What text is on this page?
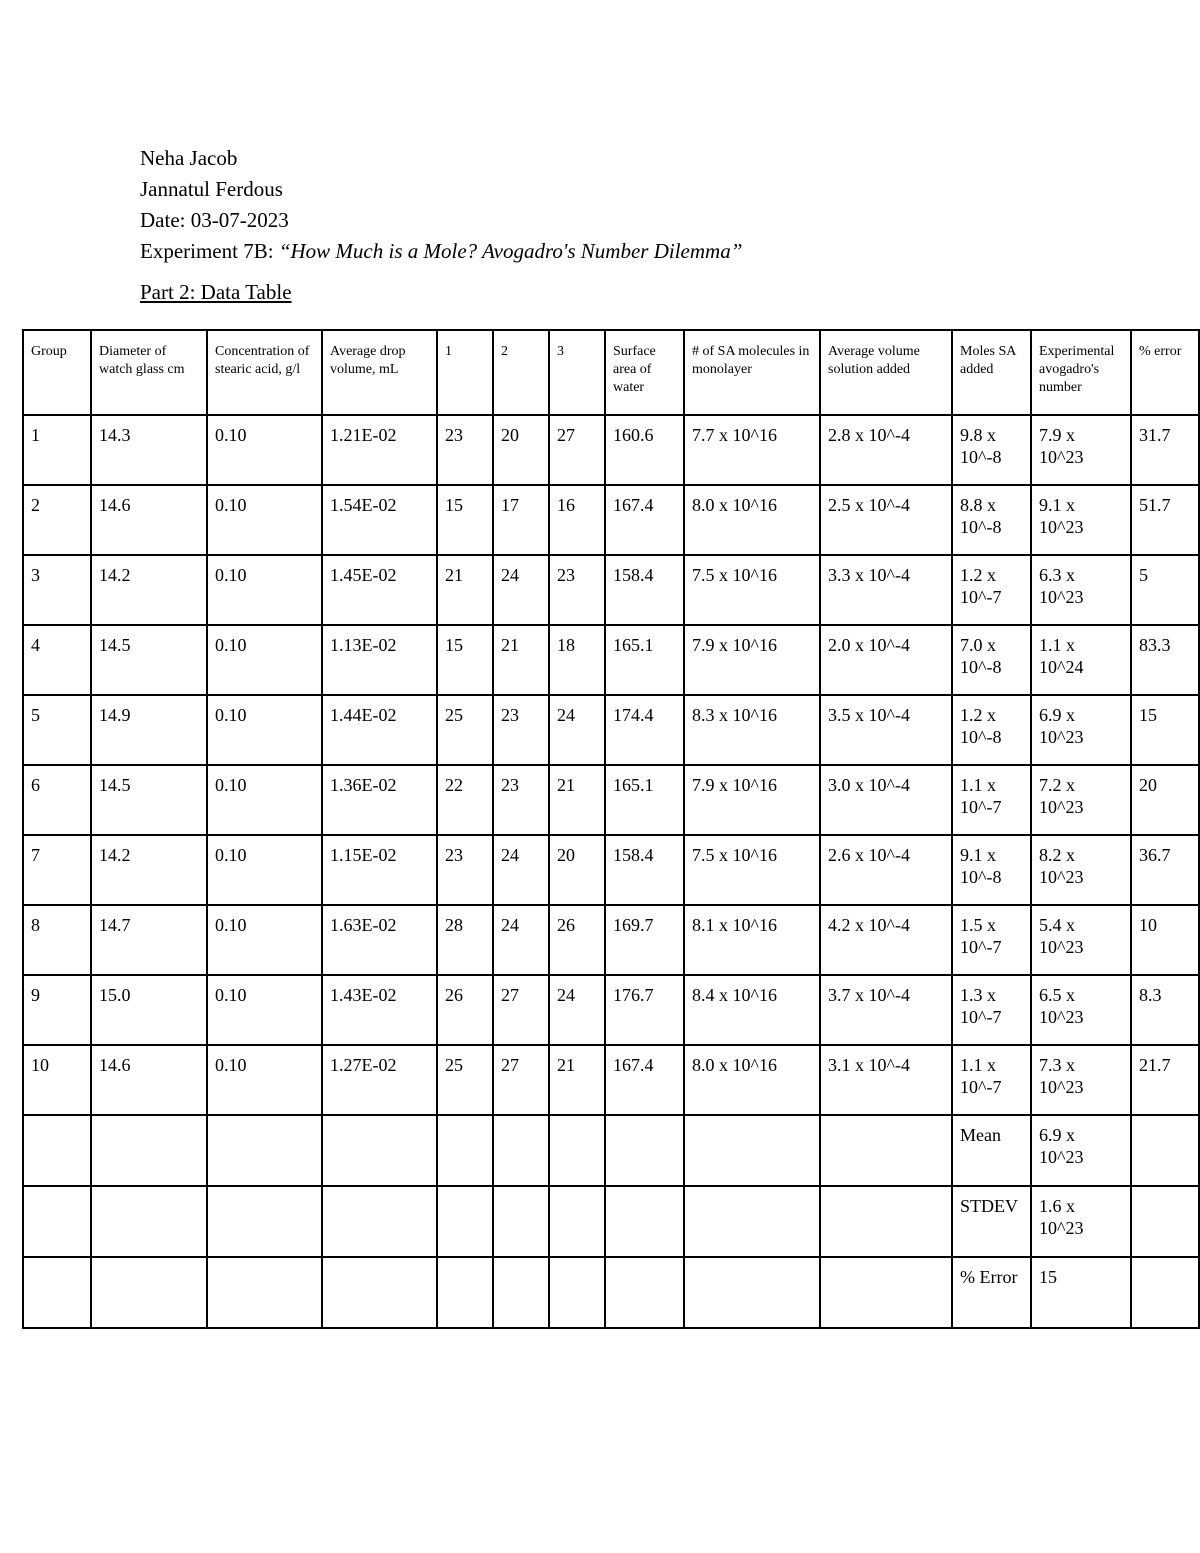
Neha Jacob
Jannatul Ferdous
Date: 03-07-2023
Experiment 7B: “How Much is a Mole? Avogadro's Number Dilemma”
Part 2: Data Table
Group	Diameter of watch glass cm	Concentration of stearic acid, g/l	Average drop volume, mL	1	2	3	Surface area of water	# of SA molecules in monolayer	Average volume solution added	Moles SA added	Experimental avogadro's number	% error
1	14.3	0.10	1.21E-02	23	20	27	160.6	7.7 x 10^16	2.8 x 10^-4	9.8 x 10^-8	7.9 x 10^23	31.7
2	14.6	0.10	1.54E-02	15	17	16	167.4	8.0 x 10^16	2.5 x 10^-4	8.8 x 10^-8	9.1 x 10^23	51.7
3	14.2	0.10	1.45E-02	21	24	23	158.4	7.5 x 10^16	3.3 x 10^-4	1.2 x 10^-7	6.3 x 10^23	5
4	14.5	0.10	1.13E-02	15	21	18	165.1	7.9 x 10^16	2.0 x 10^-4	7.0 x 10^-8	1.1 x 10^24	83.3
5	14.9	0.10	1.44E-02	25	23	24	174.4	8.3 x 10^16	3.5 x 10^-4	1.2 x 10^-8	6.9 x 10^23	15
6	14.5	0.10	1.36E-02	22	23	21	165.1	7.9 x 10^16	3.0 x 10^-4	1.1 x 10^-7	7.2 x 10^23	20
7	14.2	0.10	1.15E-02	23	24	20	158.4	7.5 x 10^16	2.6 x 10^-4	9.1 x 10^-8	8.2 x 10^23	36.7
8	14.7	0.10	1.63E-02	28	24	26	169.7	8.1 x 10^16	4.2 x 10^-4	1.5 x 10^-7	5.4 x 10^23	10
9	15.0	0.10	1.43E-02	26	27	24	176.7	8.4 x 10^16	3.7 x 10^-4	1.3 x 10^-7	6.5 x 10^23	8.3
10	14.6	0.10	1.27E-02	25	27	21	167.4	8.0 x 10^16	3.1 x 10^-4	1.1 x 10^-7	7.3 x 10^23	21.7
										Mean	6.9 x 10^23	
										STDEV	1.6 x 10^23	
										% Error	15	
